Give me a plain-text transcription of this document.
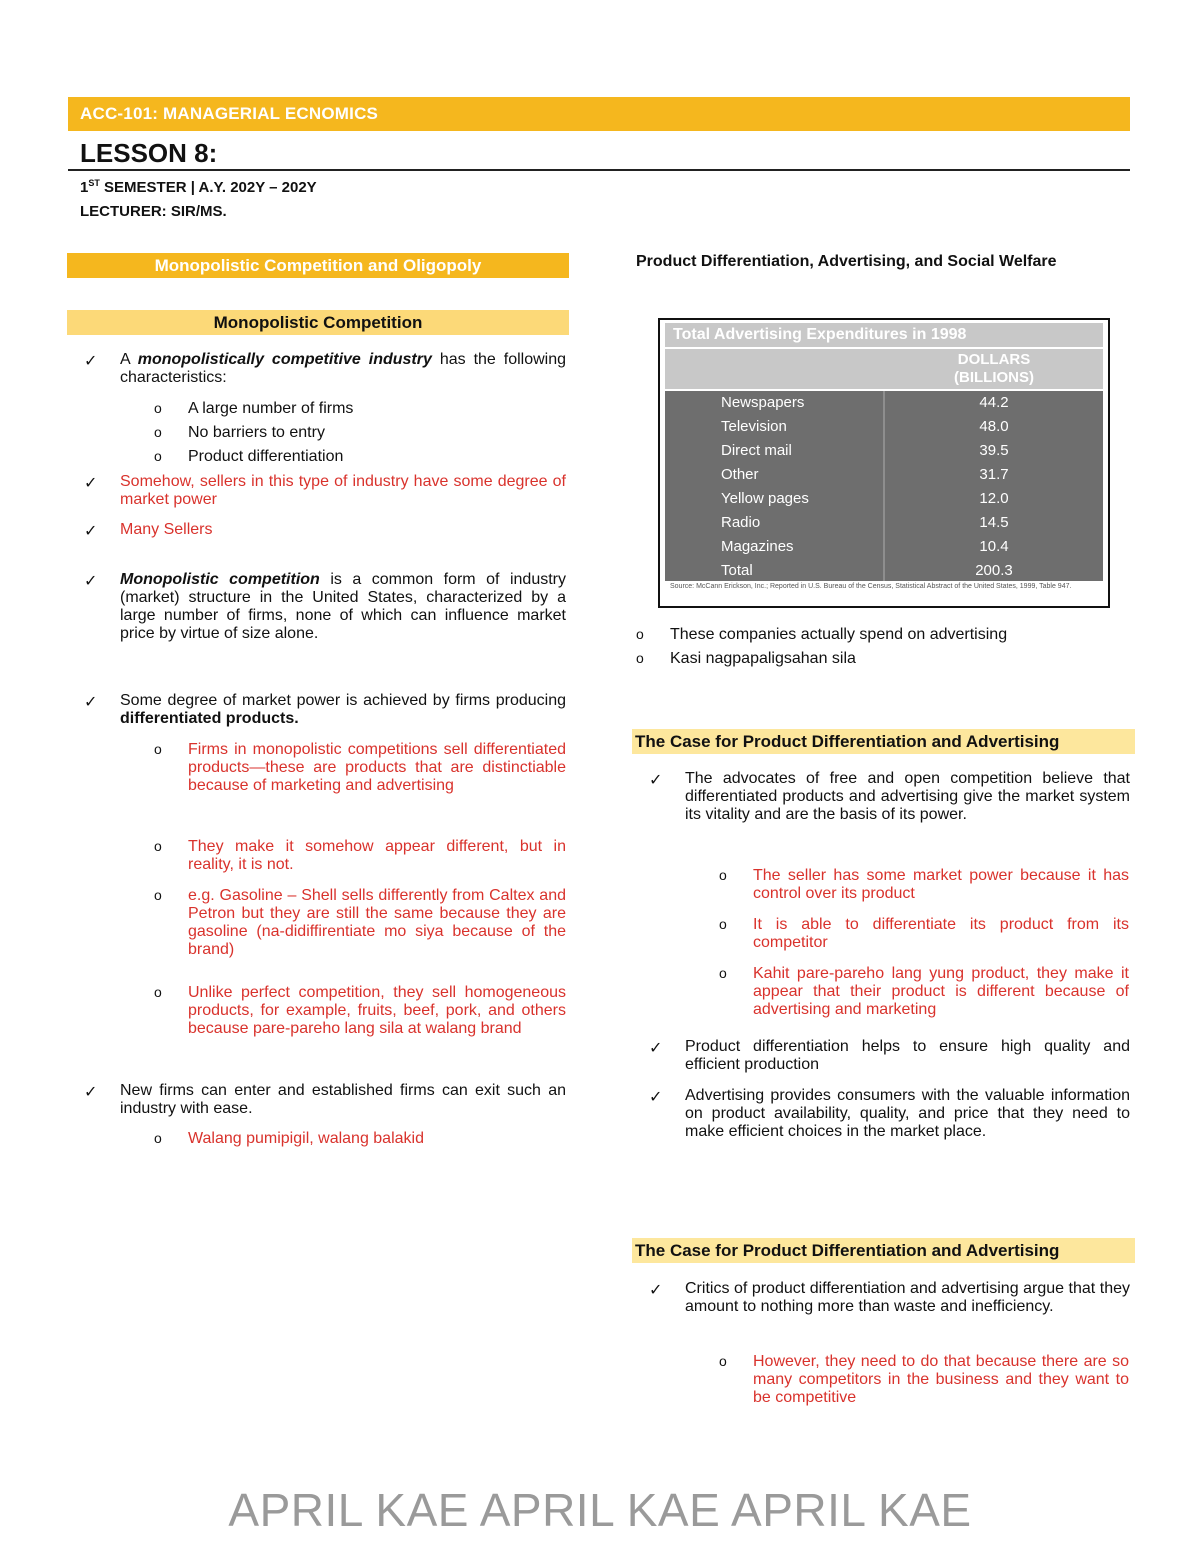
ACC-101: MANAGERIAL ECNOMICS
LESSON 8:
1ST SEMESTER | A.Y. 202Y – 202Y
LECTURER: SIR/MS.
Monopolistic Competition and Oligopoly
Monopolistic Competition
✓ A monopolistically competitive industry has the following characteristics:
o A large number of firms
o No barriers to entry
o Product differentiation
✓ Somehow, sellers in this type of industry have some degree of market power
✓ Many Sellers
✓ Monopolistic competition is a common form of industry (market) structure in the United States, characterized by a large number of firms, none of which can influence market price by virtue of size alone.
✓ Some degree of market power is achieved by firms producing differentiated products.
o Firms in monopolistic competitions sell differentiated products—these are products that are distinctiable because of marketing and advertising
o They make it somehow appear different, but in reality, it is not.
o e.g. Gasoline – Shell sells differently from Caltex and Petron but they are still the same because they are gasoline (na-didiffirentiate mo siya because of the brand)
o Unlike perfect competition, they sell homogeneous products, for example, fruits, beef, pork, and others because pare-pareho lang sila at walang brand
✓ New firms can enter and established firms can exit such an industry with ease.
o Walang pumipigil, walang balakid
Product Differentiation, Advertising, and Social Welfare
Total Advertising Expenditures in 1998
DOLLARS
(BILLIONS)
Newspapers	44.2
Television	48.0
Direct mail	39.5
Other	31.7
Yellow pages	12.0
Radio	14.5
Magazines	10.4
Total	200.3
Source: McCann Erickson, Inc.; Reported in U.S. Bureau of the Census, Statistical Abstract of the United States, 1999, Table 947.
o These companies actually spend on advertising
o Kasi nagpapaligsahan sila
The Case for Product Differentiation and Advertising
✓ The advocates of free and open competition believe that differentiated products and advertising give the market system its vitality and are the basis of its power.
o The seller has some market power because it has control over its product
o It is able to differentiate its product from its competitor
o Kahit pare-pareho lang yung product, they make it appear that their product is different because of advertising and marketing
✓ Product differentiation helps to ensure high quality and efficient production
✓ Advertising provides consumers with the valuable information on product availability, quality, and price that they need to make efficient choices in the market place.
The Case for Product Differentiation and Advertising
✓ Critics of product differentiation and advertising argue that they amount to nothing more than waste and inefficiency.
o However, they need to do that because there are so many competitors in the business and they want to be competitive
APRIL KAE APRIL KAE APRIL KAE
